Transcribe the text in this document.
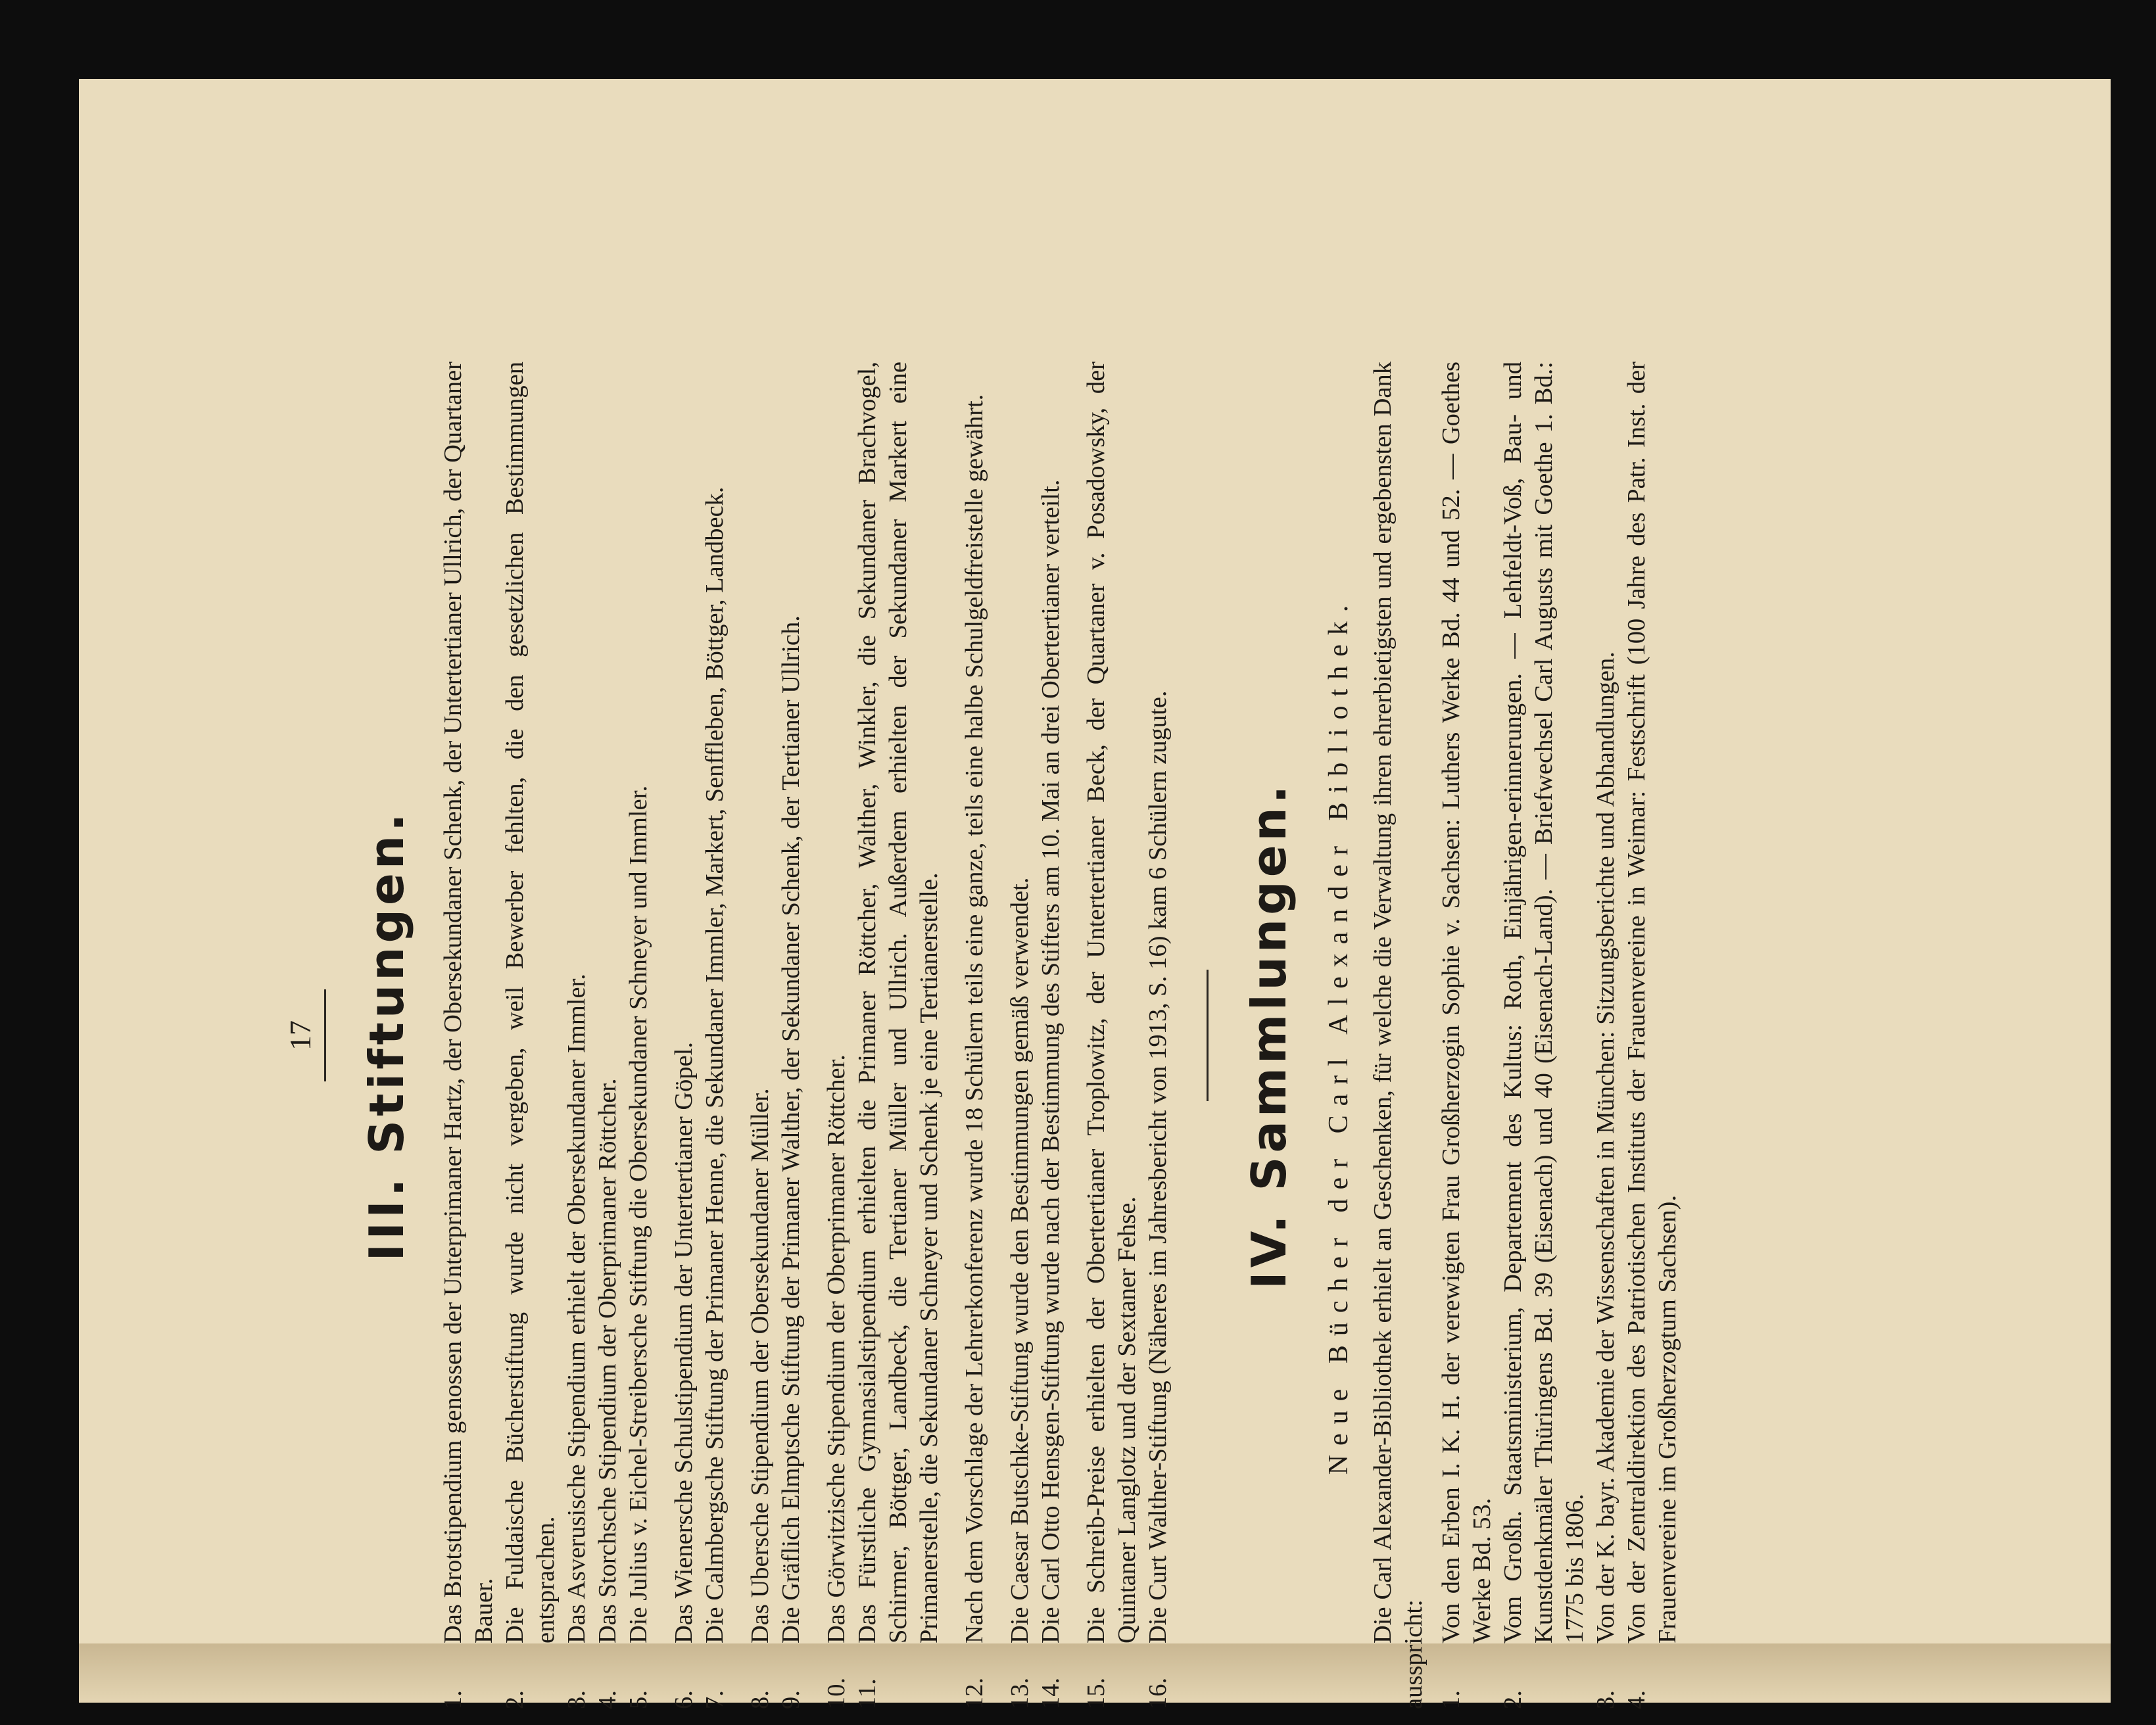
17 III. Stiftungen.
1.
Das Brotstipendium genossen der Unterprimaner Hartz, der Obersekundaner Schenk, der Untertertianer Ullrich, der Quartaner Bauer.
2.
Die Fuldaische Bücherstiftung wurde nicht vergeben, weil Bewerber fehlten, die den gesetzlichen Bestimmungen entsprachen.
3.
Das Asverusische Stipendium erhielt der Obersekundaner Immler.
4.
Das Storchsche Stipendium der Oberprimaner Röttcher.
5.
Die Julius v. Eichel-Streibersche Stiftung die Obersekundaner Schneyer und Immler.
6.
Das Wienersche Schulstipendium der Untertertianer Göpel.
7.
Die Calmbergsche Stiftung der Primaner Henne, die Sekundaner Immler, Markert, Senffleben, Böttger, Landbeck.
8.
Das Ubersche Stipendium der Obersekundaner Müller.
9.
Die Gräflich Elmptsche Stiftung der Primaner Walther, der Sekundaner Schenk, der Tertianer Ullrich.
10.
Das Görwitzische Stipendium der Oberprimaner Röttcher.
11.
Das Fürstliche Gymnasialstipendium erhielten die Primaner Röttcher, Walther, Winkler, die Sekundaner Brachvogel, Schirmer, Böttger, Landbeck, die Tertianer Müller und Ullrich. Außerdem erhielten der Sekundaner Markert eine Primanerstelle, die Sekundaner Schneyer und Schenk je eine Tertianerstelle.
12.
Nach dem Vorschlage der Lehrerkonferenz wurde 18 Schülern teils eine ganze, teils eine halbe Schulgeldfreistelle gewährt.
13.
Die Caesar Butschke-Stiftung wurde den Bestimmungen gemäß verwendet.
14.
Die Carl Otto Hensgen-Stiftung wurde nach der Bestimmung des Stifters am 10. Mai an drei Obertertianer verteilt.
15.
Die Schreib-Preise erhielten der Obertertianer Troplowitz, der Untertertianer Beck, der Quartaner v. Posadowsky, der Quintaner Langlotz und der Sextaner Fehse.
16.
Die Curt Walther-Stiftung (Näheres im Jahresbericht von 1913, S. 16) kam 6 Schülern zugute. IV. Sammlungen. Neue Bücher der Carl Alexander Bibliothek. Die Carl Alexander-Bibliothek erhielt an Geschenken, für welche die Verwaltung ihren ehrerbietigsten und ergebensten Dank ausspricht: 1.
Von den Erben I. K. H. der verewigten Frau Großherzogin Sophie v. Sachsen: Luthers Werke Bd. 44 und 52. — Goethes Werke Bd. 53.
2.
Vom Großh. Staatsministerium, Departement des Kultus: Roth, Einjährigen-erinnerungen. — Lehfeldt-Voß, Bau- und Kunstdenkmäler Thüringens Bd. 39 (Eisenach) und 40 (Eisenach-Land). — Briefwechsel Carl Augusts mit Goethe 1. Bd.: 1775 bis 1806.
3.
Von der K. bayr. Akademie der Wissenschaften in München: Sitzungsberichte und Abhandlungen.
4.
Von der Zentraldirektion des Patriotischen Instituts der Frauenvereine in Weimar: Festschrift (100 Jahre des Patr. Inst. der Frauenvereine im Großherzogtum Sachsen).
